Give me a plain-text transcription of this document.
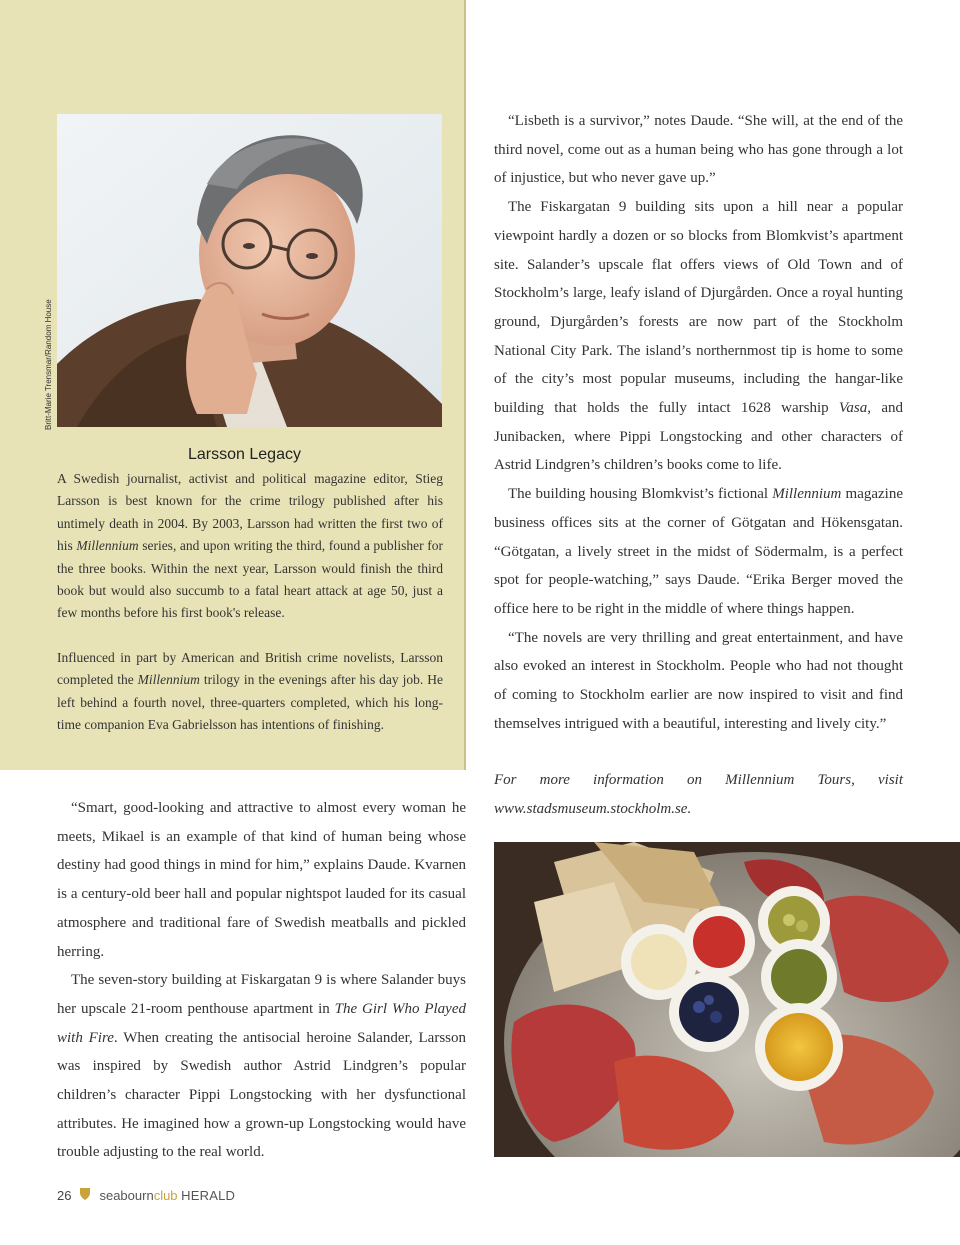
Larsson Legacy

A Swedish journalist, activist and political magazine editor, Stieg Larsson is best known for the crime trilogy published after his untimely death in 2004. By 2003, Larsson had written the first two of his Millennium series, and upon writing the third, found a publisher for the three books. Within the next year, Larsson would finish the third book but would also succumb to a fatal heart attack at age 50, just a few months before his first book's release.

Influenced in part by American and British crime novelists, Larsson completed the Millennium trilogy in the evenings after his day job. He left behind a fourth novel, three-quarters completed, which his long-time companion Eva Gabrielsson has intentions of finishing.

“Lisbeth is a survivor,” notes Daude. “She will, at the end of the third novel, come out as a human being who has gone through a lot of injustice, but who never gave up.”

The Fiskargatan 9 building sits upon a hill near a popular viewpoint hardly a dozen or so blocks from Blomkvist’s apartment site. Salander’s upscale flat offers views of Old Town and of Stockholm’s large, leafy island of Djurgården. Once a royal hunting ground, Djurgården’s forests are now part of the Stockholm National City Park. The island’s northernmost tip is home to some of the city’s most popular museums, including the hangar-like building that holds the fully intact 1628 warship Vasa, and Junibacken, where Pippi Longstocking and other characters of Astrid Lindgren’s children’s books come to life.

The building housing Blomkvist’s fictional Millennium magazine business offices sits at the corner of Götgatan and Hökensgatan. “Götgatan, a lively street in the midst of Södermalm, is a perfect spot for people-watching,” says Daude. “Erika Berger moved the office here to be right in the middle of where things happen.

“The novels are very thrilling and great entertainment, and have also evoked an interest in Stockholm. People who had not thought of coming to Stockholm earlier are now inspired to visit and find themselves intrigued with a beautiful, interesting and lively city.”

For more information on Millennium Tours, visit www.stadsmuseum.stockholm.se.

“Smart, good-looking and attractive to almost every woman he meets, Mikael is an example of that kind of human being whose destiny had good things in mind for him,” explains Daude. Kvarnen is a century-old beer hall and popular nightspot lauded for its casual atmosphere and traditional fare of Swedish meatballs and pickled herring.

The seven-story building at Fiskargatan 9 is where Salander buys her upscale 21-room penthouse apartment in The Girl Who Played with Fire. When creating the antisocial heroine Salander, Larsson was inspired by Swedish author Astrid Lindgren’s popular children’s character Pippi Longstocking with her dysfunctional attributes. He imagined how a grown-up Longstocking would have trouble adjusting to the real world.

26 seabournclub HERALD
